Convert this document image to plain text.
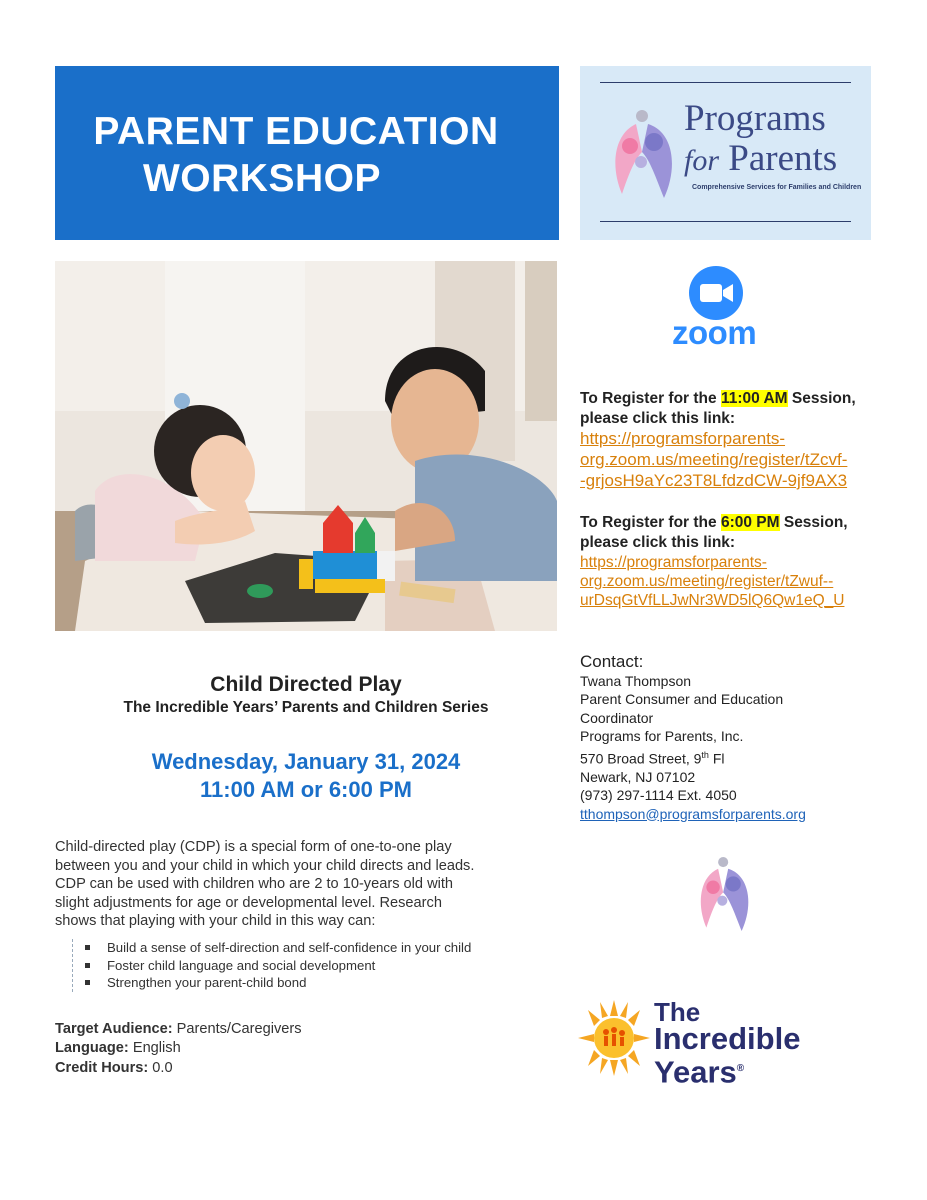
PARENT EDUCATION
WORKSHOP
Programs
for Parents
Comprehensive Services for Families and Children
zoom
To Register for the 11:00 AM Session,
please click this link:
https://programsforparents-
org.zoom.us/meeting/register/tZcvf-
-grjosH9aYc23T8LfdzdCW-9jf9AX3
To Register for the 6:00 PM Session,
please click this link:
https://programsforparents-
org.zoom.us/meeting/register/tZwuf--
urDsqGtVfLLJwNr3WD5lQ6Qw1eQ_U
Contact:
Twana Thompson
Parent Consumer and Education
Coordinator
Programs for Parents, Inc.
570 Broad Street, 9th Fl
Newark, NJ 07102
(973) 297-1114 Ext. 4050
tthompson@programsforparents.org
Child Directed Play
The Incredible Years’ Parents and Children Series
Wednesday, January 31, 2024
11:00 AM or 6:00 PM
Child-directed play (CDP) is a special form of one-to-one play
between you and your child in which your child directs and leads.
CDP can be used with children who are 2 to 10-years old with
slight adjustments for age or developmental level. Research
shows that playing with your child in this way can:
Build a sense of self-direction and self-confidence in your child
Foster child language and social development
Strengthen your parent-child bond
Target Audience: Parents/Caregivers
Language: English
Credit Hours: 0.0
The
Incredible
Years®
